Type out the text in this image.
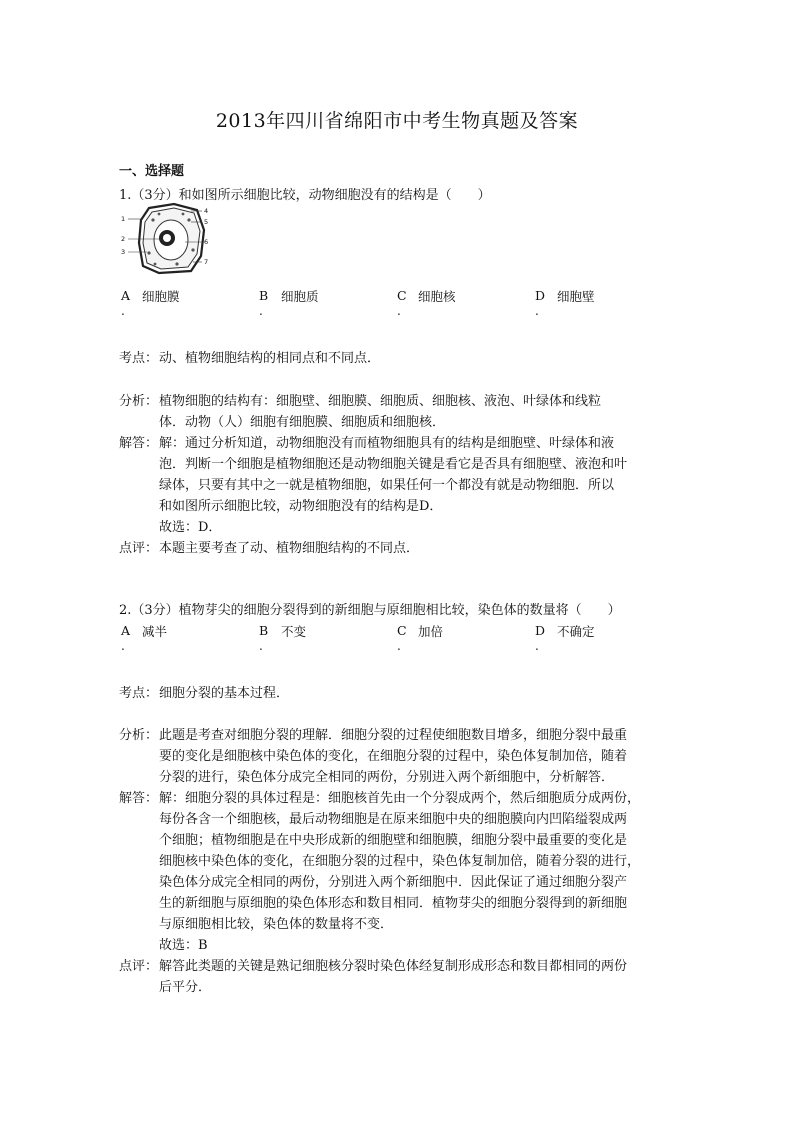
2013年四川省绵阳市中考生物真题及答案
一、选择题
1.（3分）和如图所示细胞比较，动物细胞没有的结构是（　　）
1
2
3
4
5
6
7
A 细胞膜
.
B 细胞质
.
C 细胞核
.
D 细胞壁
.
考点： 动、植物细胞结构的相同点和不同点．
分析： 植物细胞的结构有：细胞壁、细胞膜、细胞质、细胞核、液泡、叶绿体和线粒
体．动物（人）细胞有细胞膜、细胞质和细胞核．
解答： 解：通过分析知道，动物细胞没有而植物细胞具有的结构是细胞壁、叶绿体和液
泡．判断一个细胞是植物细胞还是动物细胞关键是看它是否具有细胞壁、液泡和叶
绿体，只要有其中之一就是植物细胞，如果任何一个都没有就是动物细胞．所以
和如图所示细胞比较，动物细胞没有的结构是D．
故选：D．
点评： 本题主要考查了动、植物细胞结构的不同点．
2.（3分）植物芽尖的细胞分裂得到的新细胞与原细胞相比较，染色体的数量将（　　）
A 减半
.
B 不变
.
C 加倍
.
D 不确定
.
考点： 细胞分裂的基本过程．
分析： 此题是考查对细胞分裂的理解．细胞分裂的过程使细胞数目增多，细胞分裂中最重
要的变化是细胞核中染色体的变化，在细胞分裂的过程中，染色体复制加倍，随着
分裂的进行，染色体分成完全相同的两份，分别进入两个新细胞中，分析解答．
解答： 解：细胞分裂的具体过程是：细胞核首先由一个分裂成两个，然后细胞质分成两份，
每份各含一个细胞核，最后动物细胞是在原来细胞中央的细胞膜向内凹陷缢裂成两
个细胞；植物细胞是在中央形成新的细胞壁和细胞膜，细胞分裂中最重要的变化是
细胞核中染色体的变化，在细胞分裂的过程中，染色体复制加倍，随着分裂的进行，
染色体分成完全相同的两份，分别进入两个新细胞中．因此保证了通过细胞分裂产
生的新细胞与原细胞的染色体形态和数目相同．植物芽尖的细胞分裂得到的新细胞
与原细胞相比较，染色体的数量将不变．
故选：B
点评： 解答此类题的关键是熟记细胞核分裂时染色体经复制形成形态和数目都相同的两份
后平分．
